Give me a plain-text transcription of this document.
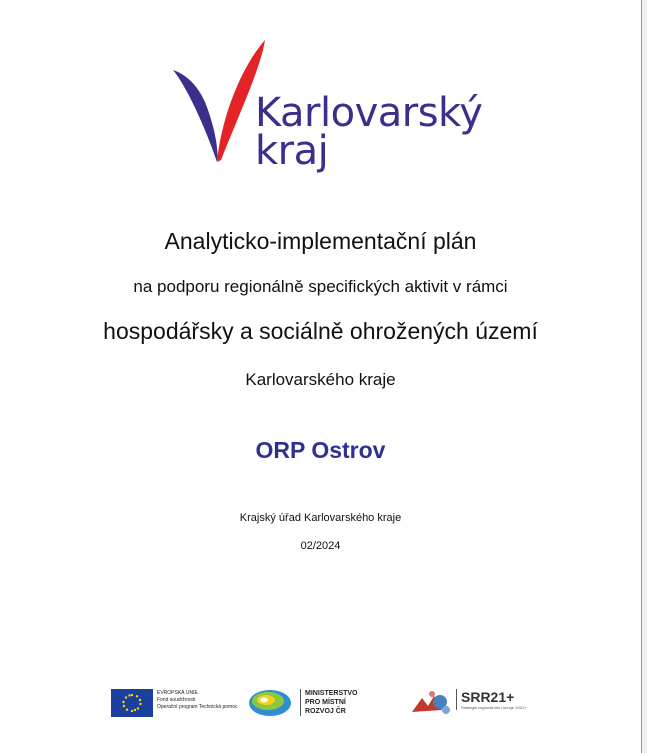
Karlovarský
kraj
Analyticko-implementační plán
na podporu regionálně specifických aktivit v rámci
hospodářsky a sociálně ohrožených území
Karlovarského kraje
ORP Ostrov
Krajský úřad Karlovarského kraje
02/2024
EVROPSKÁ UNIE
Fond soudržnosti
Operační program Technická pomoc
MINISTERSTVO
PRO MÍSTNÍ
ROZVOJ ČR
SRR21+
Strategie regionálního rozvoje 2021+
